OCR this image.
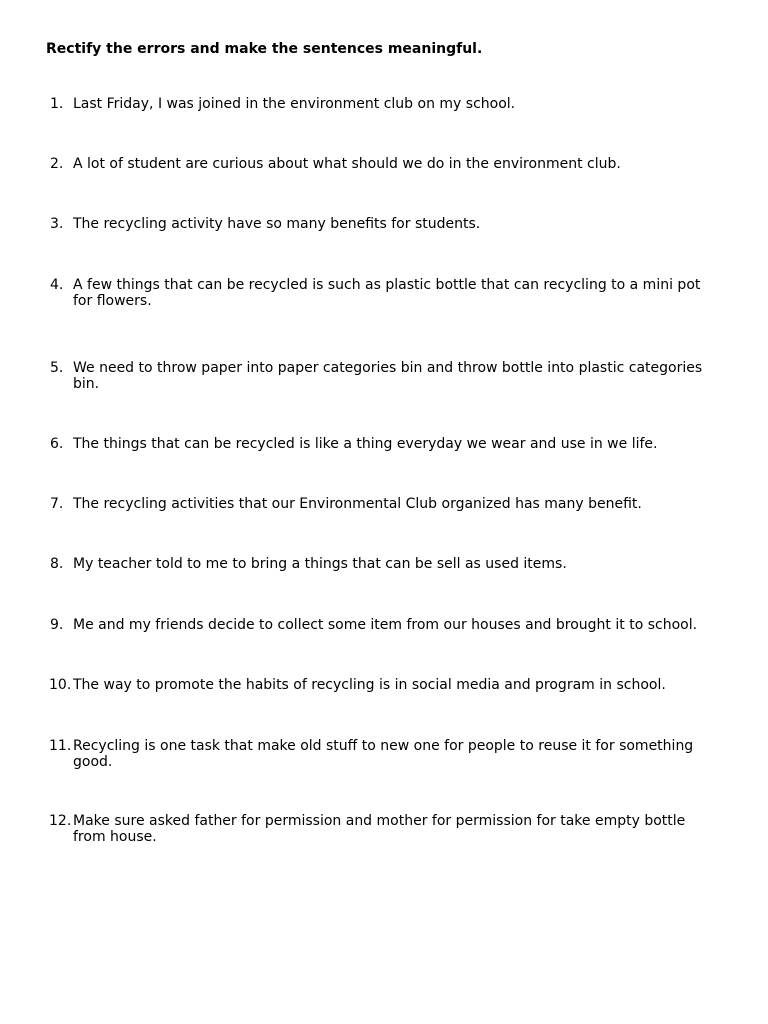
Rectify the errors and make the sentences meaningful.
1. Last Friday, I was joined in the environment club on my school.
2. A lot of student are curious about what should we do in the environment club.
3. The recycling activity have so many benefits for students.
4. A few things that can be recycled is such as plastic bottle that can recycling to a mini pot for flowers.
5. We need to throw paper into paper categories bin and throw bottle into plastic categories bin.
6. The things that can be recycled is like a thing everyday we wear and use in we life.
7. The recycling activities that our Environmental Club organized has many benefit.
8. My teacher told to me to bring a things that can be sell as used items.
9. Me and my friends decide to collect some item from our houses and brought it to school.
10. The way to promote the habits of recycling is in social media and program in school.
11. Recycling is one task that make old stuff to new one for people to reuse it for something good.
12. Make sure asked father for permission and mother for permission for take empty bottle from house.
